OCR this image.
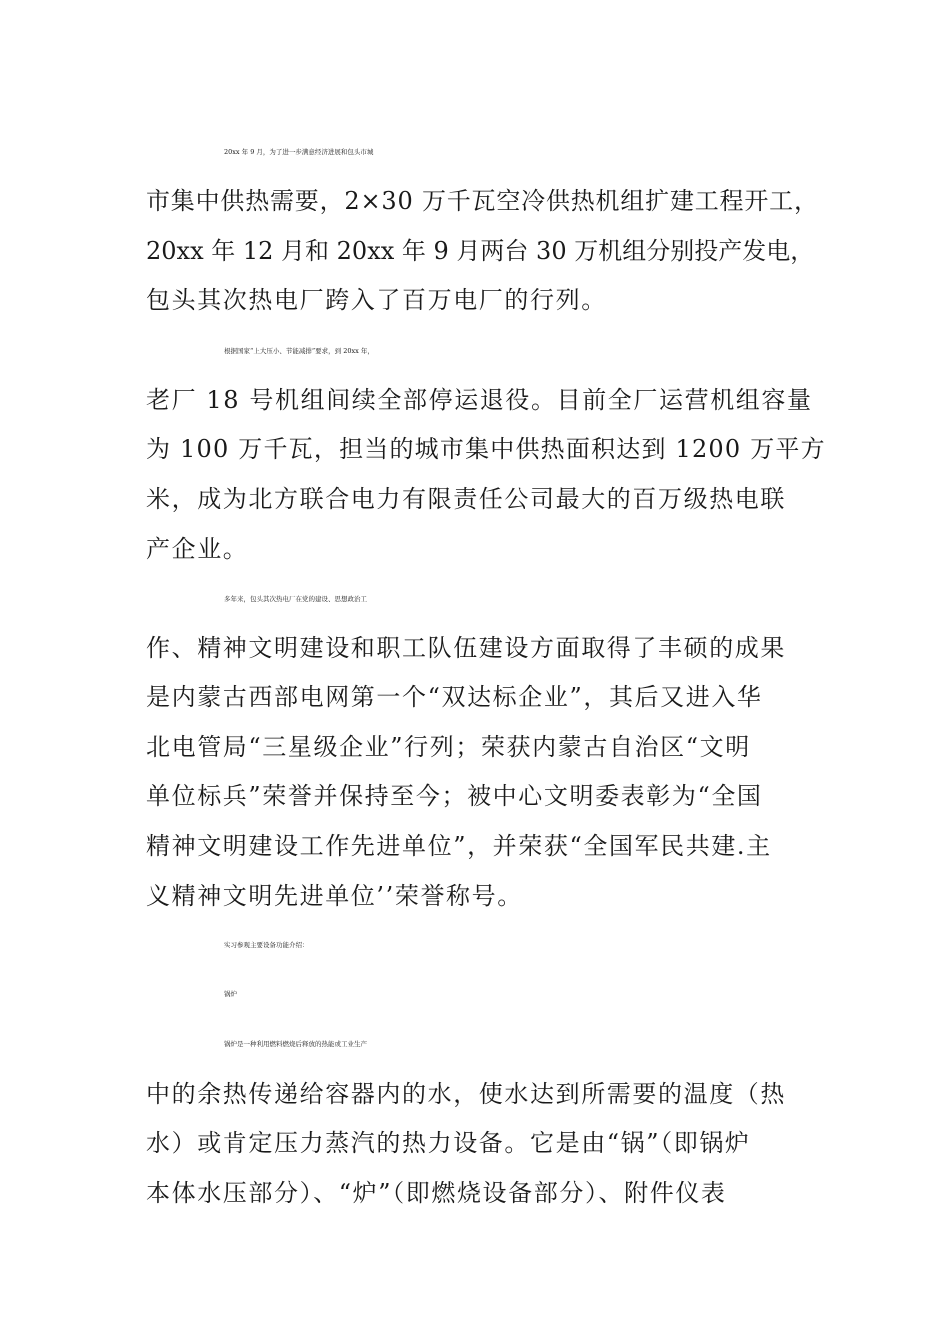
20xx 年 9 月，为了进一步满意经济进展和包头市城
市集中供热需要，2×30 万千瓦空冷供热机组扩建工程开工，
20xx 年 12 月和 20xx 年 9 月两台 30 万机组分别投产发电，
包头其次热电厂跨入了百万电厂的行列。
根据国家“上大压小、节能减排”要求，到 20xx 年，
老厂 18 号机组间续全部停运退役。目前全厂运营机组容量
为 100 万千瓦，担当的城市集中供热面积达到 1200 万平方
米，成为北方联合电力有限责任公司最大的百万级热电联
产企业。
多年来，包头其次热电厂在党的建设、思想政治工
作、精神文明建设和职工队伍建设方面取得了丰硕的成果
是内蒙古西部电网第一个“双达标企业”，其后又进入华
北电管局“三星级企业”行列；荣获内蒙古自治区“文明
单位标兵”荣誉并保持至今；被中心文明委表彰为“全国
精神文明建设工作先进单位”，并荣获“全国军民共建.主
义精神文明先进单位’’荣誉称号。
实习参观主要设备功能介绍：
锅炉
锅炉是一种利用燃料燃烧后释放的热能或工业生产
中的余热传递给容器内的水，使水达到所需要的温度（热
水）或肯定压力蒸汽的热力设备。它是由“锅”（即锅炉
本体水压部分）、“炉”（即燃烧设备部分）、附件仪表
